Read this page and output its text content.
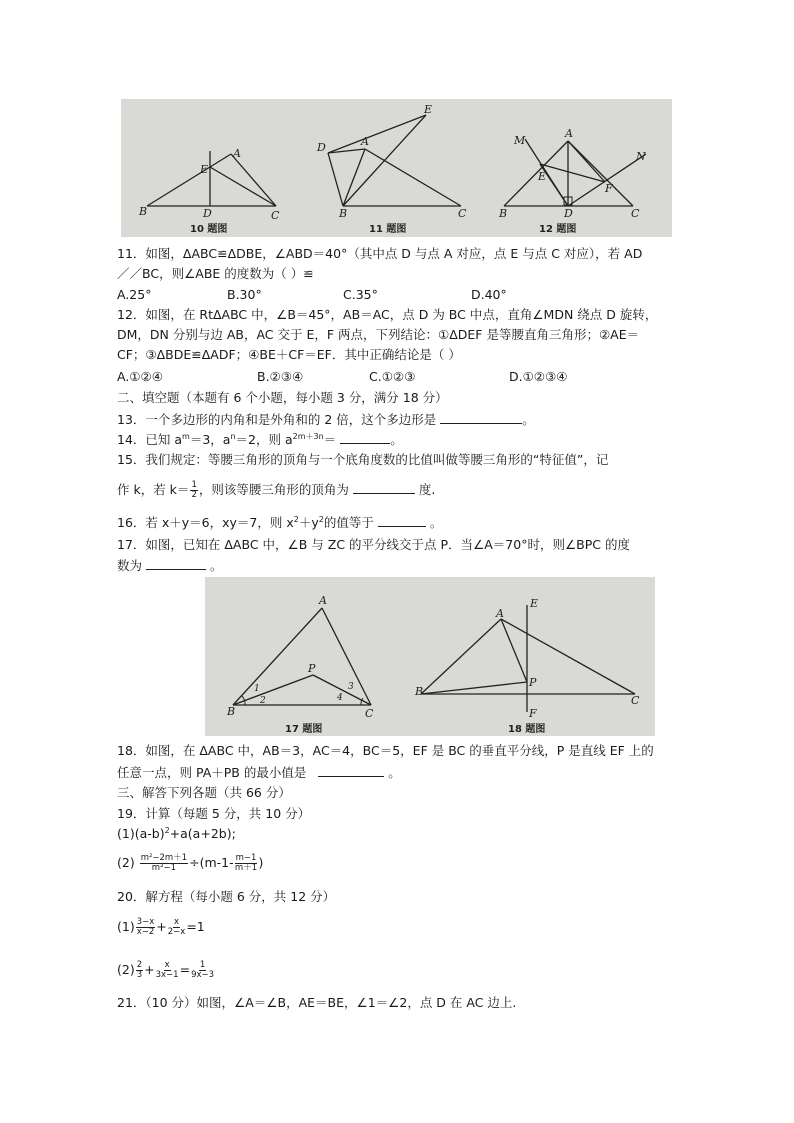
B	C
D
A
E
B	C
D	A
E
B	C
D
A
E
F
M
N
10 题图	11 题图	12 题图
11．如图，ΔABC≌ΔDBE，∠ABD＝40°（其中点 D 与点 A 对应，点 E 与点 C 对应），若 AD
／／BC，则∠ABE 的度数为（ ）≌
A.25°	B.30°	C.35°	D.40°
12．如图，在 RtΔABC 中，∠B＝45°，AB＝AC，点 D 为 BC 中点，直角∠MDN 绕点 D 旋转，
DM，DN 分别与边 AB，AC 交于 E，F 两点，下列结论：①ΔDEF 是等腰直角三角形；②AE＝
CF；③ΔBDE≌ΔADF；④BE＋CF＝EF．其中正确结论是（ ）
A.①②④	B.②③④	C.①②③	D.①②③④
二、填空题（本题有 6 个小题，每小题 3 分，满分 18 分）
13．一个多边形的内角和是外角和的 2 倍，这个多边形是	。
14．已知 $a^m=3$，$a^n=2$，则 $a^{2m+3n}=$	。
15．我们规定：等腰三角形的顶角与一个底角度数的比值叫做等腰三角形的“特征值”，记
作 k，若 $k= \frac{1}{2}$ ，则该等腰三角形的顶角为	度.
16．若 x＋y＝6，xy＝7，则 $x^2+y^2$的值等于	。
17．如图，已知在 ΔABC 中，∠B 与 ZC 的平分线交于点 P．当∠A＝70°时，则∠BPC 的度
数为	。
A
B	C
P
1
2
3
4
A
B
C
P
E
F
17 题图	18 题图
18．如图，在 ΔABC 中，AB＝3，AC＝4，BC＝5，EF 是 BC 的垂直平分线，P 是直线 EF 上的
任意一点，则 PA＋PB 的最小值是	。
三、解答下列各题（共 66 分）
19．计算（每题 5 分，共 10 分）
$(1)(a-b)^2+a(a+2b)$;
$(2) \frac{\text{m²−2m＋1}}{\text{m²−1}} \div(m-1- \frac{m-1}{m+1}$ )
20．解方程（每小题 6 分，共 12 分）
$(1) \frac{3-x}{x-2} + \frac{x}{2-x} =1$
$(2) \frac{2}{3} + \frac{x}{3x-1} = \frac{1}{9x-3}$
21．（10 分）如图，∠A＝∠B，AE＝BE，∠1＝∠2，点 D 在 AC 边上.
